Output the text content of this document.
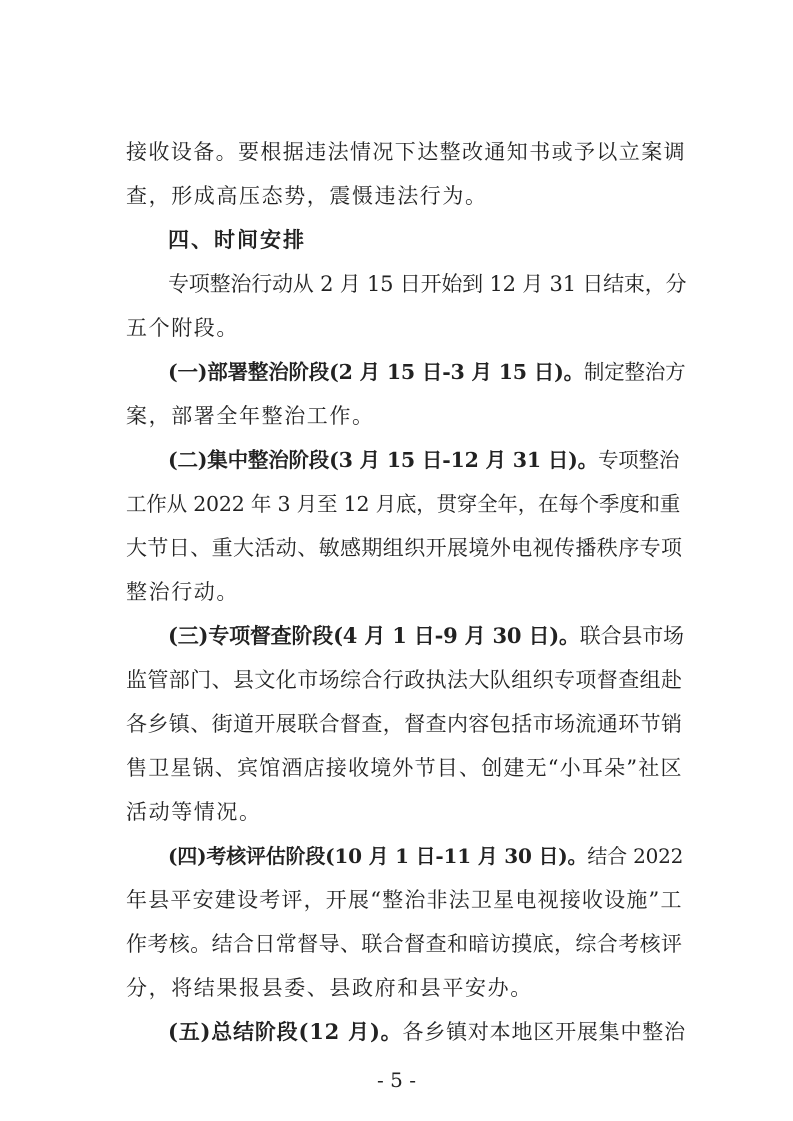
接收设备。要根据违法情况下达整改通知书或予以立案调
查，形成高压态势，震慑违法行为。
四、时间安排
专项整治行动从 2 月 15 日开始到 12 月 31 日结束，分
五个附段。
(一)部署整治阶段(2 月 15 日-3 月 15 日)。制定整治方
案，部署全年整治工作。
(二)集中整治阶段(3 月 15 日-12 月 31 日)。专项整治
工作从 2022 年 3 月至 12 月底，贯穿全年，在每个季度和重
大节日、重大活动、敏感期组织开展境外电视传播秩序专项
整治行动。
(三)专项督查阶段(4 月 1 日-9 月 30 日)。联合县市场
监管部门、县文化市场综合行政执法大队组织专项督查组赴
各乡镇、街道开展联合督查，督查内容包括市场流通环节销
售卫星锅、宾馆酒店接收境外节目、创建无“小耳朵”社区
活动等情况。
(四)考核评估阶段(10 月 1 日-11 月 30 日)。结合 2022
年县平安建设考评，开展“整治非法卫星电视接收设施”工
作考核。结合日常督导、联合督查和暗访摸底，综合考核评
分，将结果报县委、县政府和县平安办。
(五)总结阶段(12 月)。各乡镇对本地区开展集中整治
- 5 -
